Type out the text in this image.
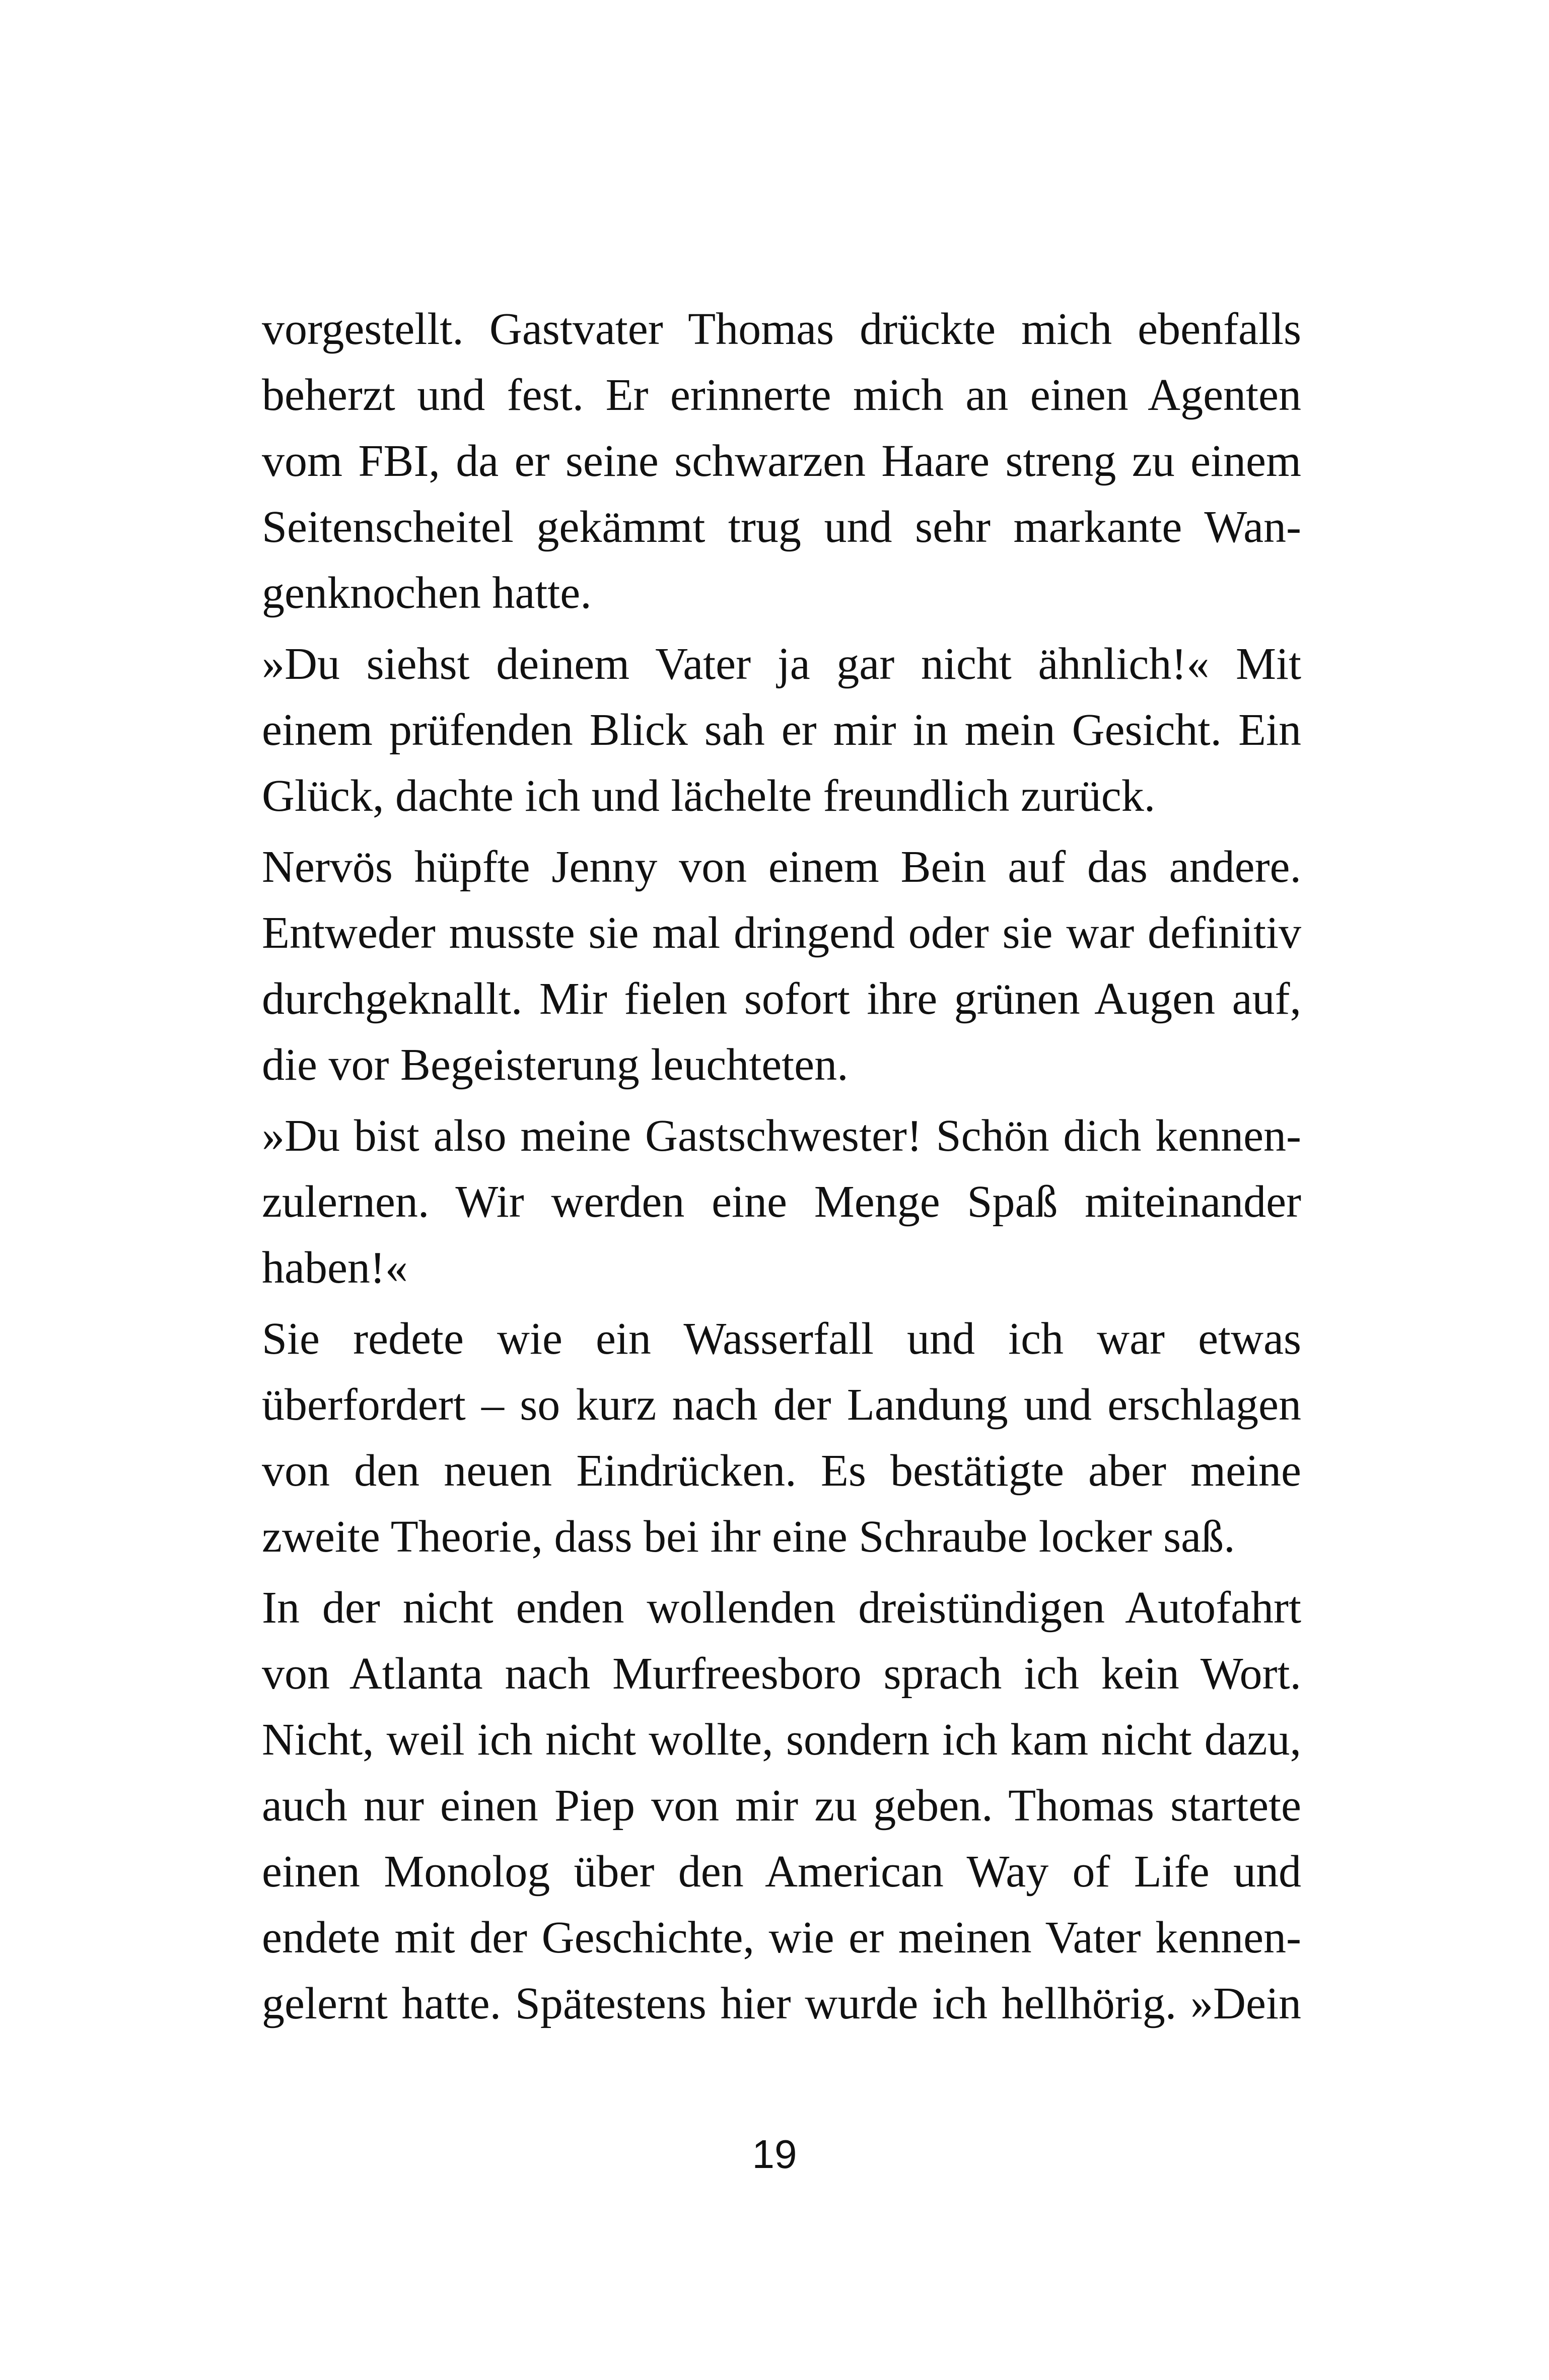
vorgestellt. Gastvater Thomas drückte mich ebenfalls
beherzt und fest. Er erinnerte mich an einen Agenten
vom FBI, da er seine schwarzen Haare streng zu einem
Seitenscheitel gekämmt trug und sehr markante Wan-
genknochen hatte.

»Du siehst deinem Vater ja gar nicht ähnlich!« Mit
einem prüfenden Blick sah er mir in mein Gesicht. Ein
Glück, dachte ich und lächelte freundlich zurück.

Nervös hüpfte Jenny von einem Bein auf das andere.
Entweder musste sie mal dringend oder sie war definitiv
durchgeknallt. Mir fielen sofort ihre grünen Augen auf,
die vor Begeisterung leuchteten.

»Du bist also meine Gastschwester! Schön dich kennen-
zulernen. Wir werden eine Menge Spaß miteinander
haben!«

Sie redete wie ein Wasserfall und ich war etwas
überfordert – so kurz nach der Landung und erschlagen
von den neuen Eindrücken. Es bestätigte aber meine
zweite Theorie, dass bei ihr eine Schraube locker saß.

In der nicht enden wollenden dreistündigen Autofahrt
von Atlanta nach Murfreesboro sprach ich kein Wort.
Nicht, weil ich nicht wollte, sondern ich kam nicht dazu,
auch nur einen Piep von mir zu geben. Thomas startete
einen Monolog über den American Way of Life und
endete mit der Geschichte, wie er meinen Vater kennen-
gelernt hatte. Spätestens hier wurde ich hellhörig. »Dein

19
